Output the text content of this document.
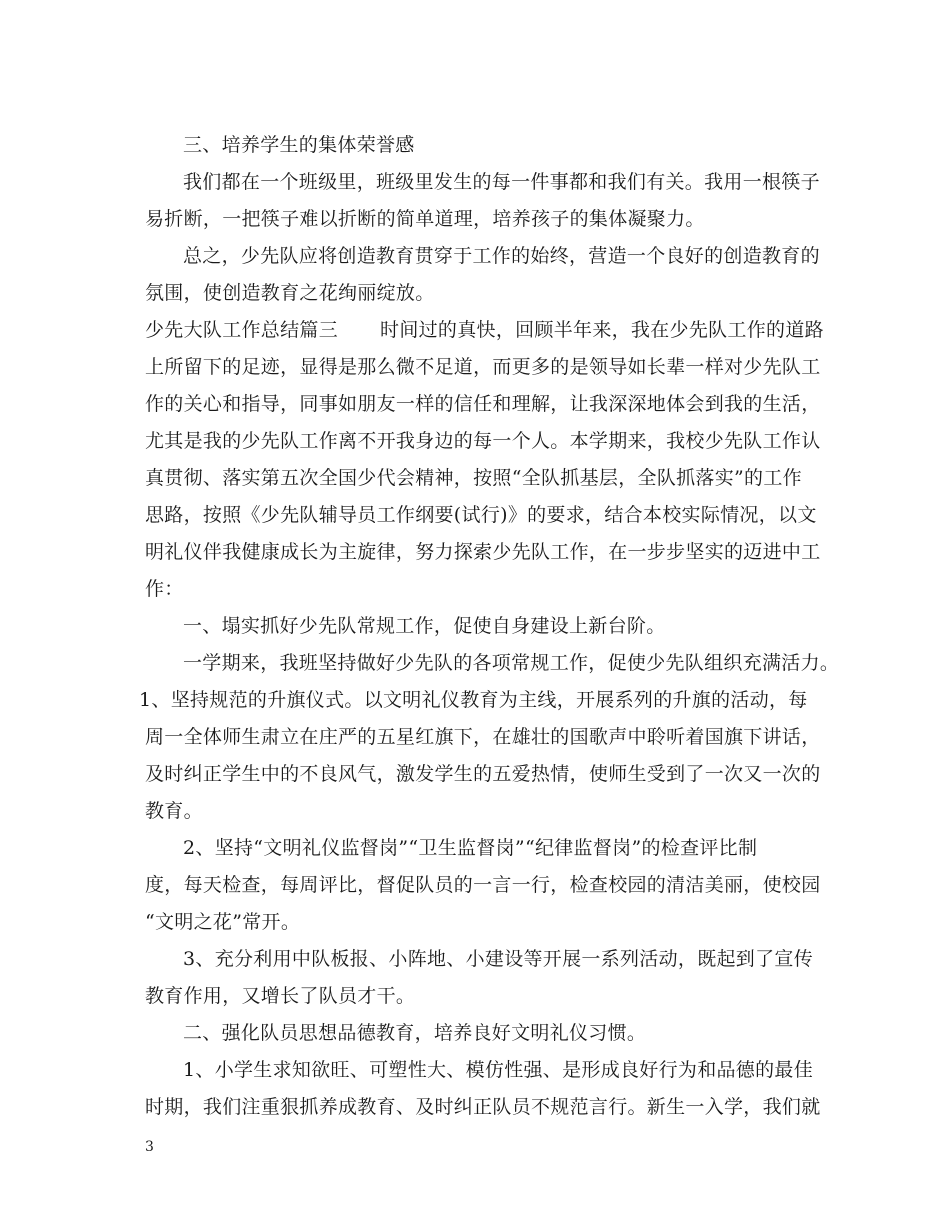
三、培养学生的集体荣誉感
我们都在一个班级里，班级里发生的每一件事都和我们有关。我用一根筷子
易折断，一把筷子难以折断的简单道理，培养孩子的集体凝聚力。
总之，少先队应将创造教育贯穿于工作的始终，营造一个良好的创造教育的
氛围，使创造教育之花绚丽绽放。
少先大队工作总结篇三 时间过的真快，回顾半年来，我在少先队工作的道路
上所留下的足迹，显得是那么微不足道，而更多的是领导如长辈一样对少先队工
作的关心和指导，同事如朋友一样的信任和理解，让我深深地体会到我的生活，
尤其是我的少先队工作离不开我身边的每一个人。本学期来，我校少先队工作认
真贯彻、落实第五次全国少代会精神，按照“全队抓基层，全队抓落实”的工作
思路，按照《少先队辅导员工作纲要(试行)》的要求，结合本校实际情况，以文
明礼仪伴我健康成长为主旋律，努力探索少先队工作，在一步步坚实的迈进中工
作：
一、塌实抓好少先队常规工作，促使自身建设上新台阶。
一学期来，我班坚持做好少先队的各项常规工作，促使少先队组织充满活力。
1、坚持规范的升旗仪式。以文明礼仪教育为主线，开展系列的升旗的活动，每
周一全体师生肃立在庄严的五星红旗下，在雄壮的国歌声中聆听着国旗下讲话，
及时纠正学生中的不良风气，激发学生的五爱热情，使师生受到了一次又一次的
教育。
2、坚持“文明礼仪监督岗”“卫生监督岗”“纪律监督岗”的检查评比制
度，每天检查，每周评比，督促队员的一言一行，检查校园的清洁美丽，使校园
“文明之花”常开。
3、充分利用中队板报、小阵地、小建设等开展一系列活动，既起到了宣传
教育作用，又增长了队员才干。
二、强化队员思想品德教育，培养良好文明礼仪习惯。
1、小学生求知欲旺、可塑性大、模仿性强、是形成良好行为和品德的最佳
时期，我们注重狠抓养成教育、及时纠正队员不规范言行。新生一入学，我们就
3
